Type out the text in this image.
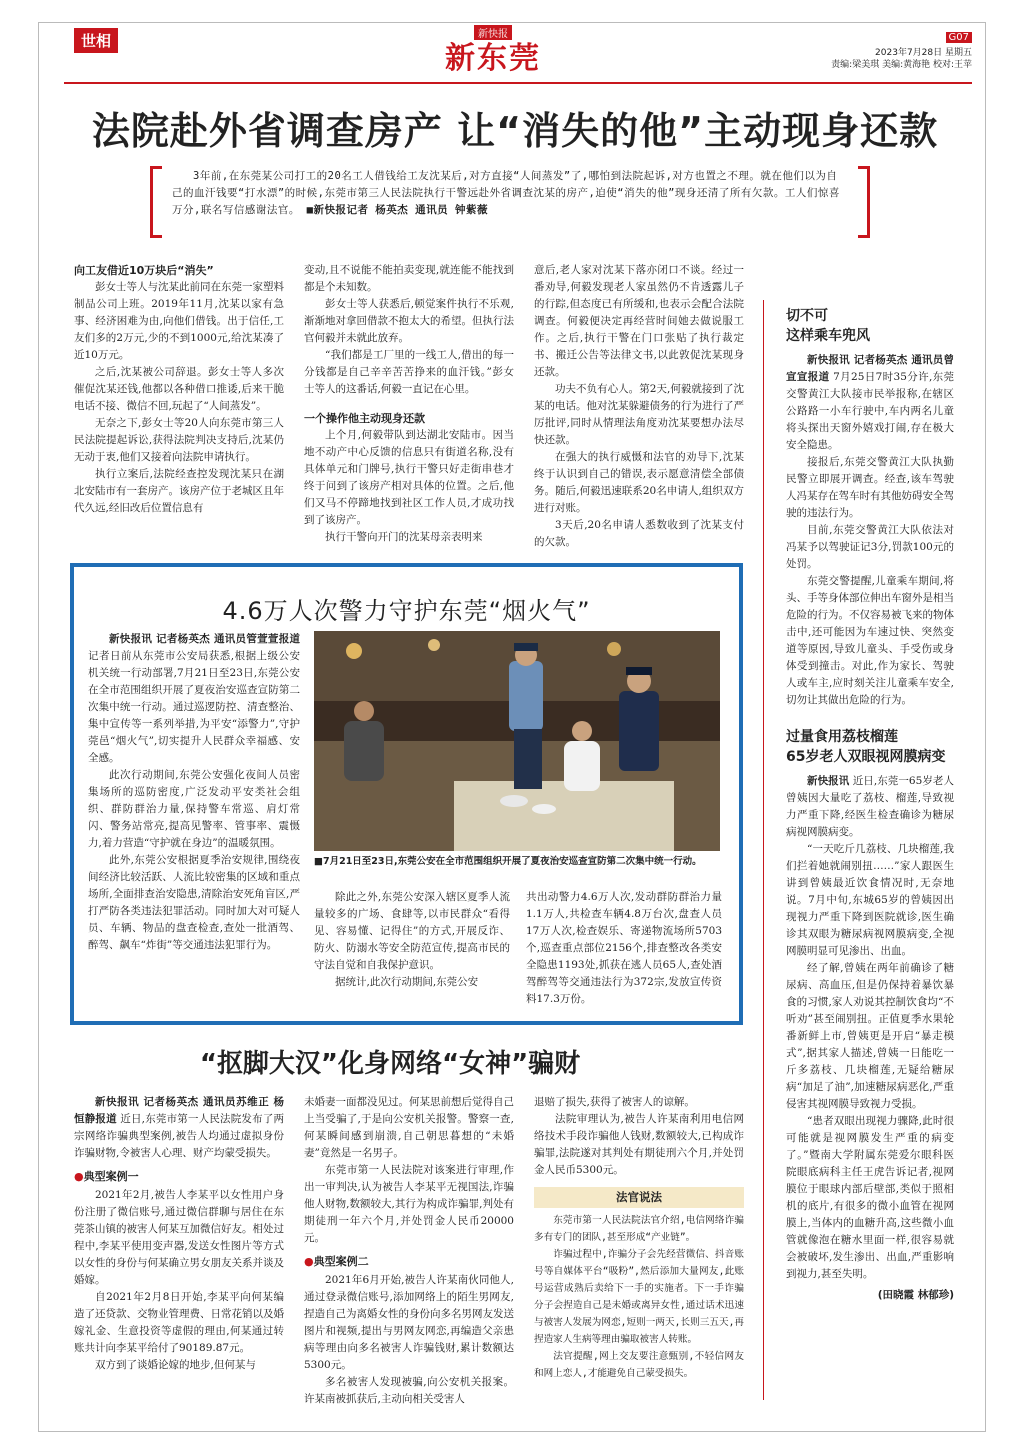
世相	新快报
新东莞
G07
2023年7月28日 星期五
责编:梁美琪 美编:黄海艳 校对:王苹
法院赴外省调查房产 让“消失的他”主动现身还款
3年前,在东莞某公司打工的20名工人借钱给工友沈某后,对方直接“人间蒸发”了,哪怕到法院起诉,对方也置之不理。就在他们以为自己的血汗钱要“打水漂”的时候,东莞市第三人民法院执行干警远赴外省调查沈某的房产,迫使“消失的他”现身还清了所有欠款。工人们惊喜万分,联名写信感谢法官。 ■新快报记者 杨英杰 通讯员 钟紫薇
向工友借近10万块后“消失”

彭女士等人与沈某此前同在东莞一家塑料制品公司上班。2019年11月,沈某以家有急事、经济困难为由,向他们借钱。出于信任,工友们多的2万元,少的不到1000元,给沈某凑了近10万元。

之后,沈某被公司辞退。彭女士等人多次催促沈某还钱,他都以各种借口推诿,后来干脆电话不接、微信不回,玩起了“人间蒸发”。

无奈之下,彭女士等20人向东莞市第三人民法院提起诉讼,获得法院判决支持后,沈某仍无动于衷,他们又接着向法院申请执行。

执行立案后,法院经查控发现沈某只在湖北安陆市有一套房产。该房产位于老城区且年代久远,经旧改后位置信息有

变动,且不说能不能拍卖变现,就连能不能找到都是个未知数。

彭女士等人获悉后,顿觉案件执行不乐观,渐渐地对拿回借款不抱太大的希望。但执行法官何毅并未就此放弃。

“我们都是工厂里的一线工人,借出的每一分钱都是自己辛辛苦苦挣来的血汗钱。”彭女士等人的这番话,何毅一直记在心里。

一个操作他主动现身还款

上个月,何毅带队到达湖北安陆市。因当地不动产中心反馈的信息只有街道名称,没有具体单元和门牌号,执行干警只好走街串巷才终于问到了该房产相对具体的位置。之后,他们又马不停蹄地找到社区工作人员,才成功找到了该房产。

执行干警向开门的沈某母亲表明来

意后,老人家对沈某下落亦闭口不谈。经过一番劝导,何毅发现老人家虽然仍不肯透露儿子的行踪,但态度已有所缓和,也表示会配合法院调查。何毅便决定再经营时间她去做说服工作。之后,执行干警在门口张贴了执行裁定书、搬迁公告等法律文书,以此敦促沈某现身还款。

功夫不负有心人。第2天,何毅就接到了沈某的电话。他对沈某躲避债务的行为进行了严厉批评,同时从情理法角度劝沈某要想办法尽快还款。

在强大的执行威慑和法官的劝导下,沈某终于认识到自己的错误,表示愿意清偿全部债务。随后,何毅迅速联系20名申请人,组织双方进行对账。

3天后,20名申请人悉数收到了沈某支付的欠款。

切不可
这样乘车兜风

新快报讯 记者杨英杰 通讯员曾宣宣报道 7月25日7时35分许,东莞交警黄江大队接市民举报称,在辖区公路路一小车行驶中,车内两名儿童将头探出天窗外嬉戏打闹,存在极大安全隐患。

接报后,东莞交警黄江大队执勤民警立即展开调查。经查,该车驾驶人冯某存在驾车时有其他妨碍安全驾驶的违法行为。

目前,东莞交警黄江大队依法对冯某予以驾驶证记3分,罚款100元的处罚。

东莞交警提醒,儿童乘车期间,将头、手等身体部位伸出车窗外是相当危险的行为。不仅容易被飞来的物体击中,还可能因为车速过快、突然变道等原因,导致儿童头、手受伤或身体受到撞击。对此,作为家长、驾驶人或车主,应时刻关注儿童乘车安全,切勿让其做出危险的行为。

过量食用荔枝榴莲
65岁老人双眼视网膜病变

新快报讯 近日,东莞一65岁老人曾姨因大量吃了荔枝、榴莲,导致视力严重下降,经医生检查确诊为糖尿病视网膜病变。

“一天吃斤几荔枝、几块榴莲,我们拦着她就闹别扭……”家人跟医生讲到曾姨最近饮食情况时,无奈地说。7月中旬,东城65岁的曾姨因出现视力严重下降到医院就诊,医生确诊其双眼为糖尿病视网膜病变,全视网膜明显可见渗出、出血。

经了解,曾姨在两年前确诊了糖尿病、高血压,但是仍保持着暴饮暴食的习惯,家人劝说其控制饮食均“不听劝”甚至闹别扭。正值夏季水果轮番新鲜上市,曾姨更是开启“暴走模式”,据其家人描述,曾姨一日能吃一斤多荔枝、几块榴莲,无疑给糖尿病“加足了油”,加速糖尿病恶化,严重侵害其视网膜导致视力受损。

“患者双眼出现视力骤降,此时很可能就是视网膜发生严重的病变了。”暨南大学附属东莞爱尔眼科医院眼底病科主任王虎告诉记者,视网膜位于眼球内部后壁部,类似于照相机的底片,有很多的微小血管在视网膜上,当体内的血糖升高,这些微小血管就像泡在糖水里面一样,很容易就会被破坏,发生渗出、出血,严重影响到视力,甚至失明。

(田晓霞 林郁珍)
4.6万人次警力守护东莞“烟火气”

新快报讯 记者杨英杰 通讯员管萱萱报道 记者日前从东莞市公安局获悉,根据上级公安机关统一行动部署,7月21日至23日,东莞公安在全市范围组织开展了夏夜治安巡查宣防第二次集中统一行动。通过巡逻防控、清查整治、集中宣传等一系列举措,为平安“添警力”,守护莞邑“烟火气”,切实提升人民群众幸福感、安全感。

此次行动期间,东莞公安强化夜间人员密集场所的巡防密度,广泛发动平安类社会组织、群防群治力量,保持警车常巡、肩灯常闪、警务站常亮,提高见警率、管事率、震慑力,着力营造“守护就在身边”的温暖氛围。

此外,东莞公安根据夏季治安规律,围绕夜间经济比较活跃、人流比较密集的区域和重点场所,全面排查治安隐患,清除治安死角盲区,严打严防各类违法犯罪活动。同时加大对可疑人员、车辆、物品的盘查检查,查处一批酒驾、醉驾、飙车“炸街”等交通违法犯罪行为。

■7月21日至23日,东莞公安在全市范围组织开展了夏夜治安巡查宣防第二次集中统一行动。

除此之外,东莞公安深入辖区夏季人流量较多的广场、食肆等,以市民群众“看得见、容易懂、记得住”的方式,开展反诈、防火、防溺水等安全防范宣传,提高市民的守法自觉和自我保护意识。

据统计,此次行动期间,东莞公安

共出动警力4.6万人次,发动群防群治力量1.1万人,共检查车辆4.8万台次,盘查人员17万人次,检查娱乐、寄递物流场所5703个,巡查重点部位2156个,排查整改各类安全隐患1193处,抓获在逃人员65人,查处酒驾醉驾等交通违法行为372宗,发放宣传资料17.3万份。

“抠脚大汉”化身网络“女神”骗财

新快报讯 记者杨英杰 通讯员苏维正 杨恒静报道 近日,东莞市第一人民法院发布了两宗网络诈骗典型案例,被告人均通过虚拟身份诈骗财物,令被害人心理、财产均蒙受损失。

●典型案例一

2021年2月,被告人李某平以女性用户身份注册了微信账号,通过微信群聊与居住在东莞茶山镇的被害人何某互加微信好友。相处过程中,李某平使用变声器,发送女性图片等方式以女性的身份与何某确立男女朋友关系并谈及婚嫁。

自2021年2月8日开始,李某平向何某编造了还贷款、交物业管理费、日常花销以及婚嫁礼金、生意投资等虚假的理由,何某通过转账共计向李某平给付了90189.87元。

双方到了谈婚论嫁的地步,但何某与

未婚妻一面都没见过。何某思前想后觉得自己上当受骗了,于是向公安机关报警。警察一查,何某瞬间感到崩溃,自己朝思暮想的“未婚妻”竟然是一名男子。

东莞市第一人民法院对该案进行审理,作出一审判决,认为被告人李某平无视国法,诈骗他人财物,数额较大,其行为构成诈骗罪,判处有期徒刑一年六个月,并处罚金人民币20000元。

●典型案例二

2021年6月开始,被告人许某南伙同他人,通过登录微信账号,添加网络上的陌生男网友,捏造自己为离婚女性的身份向多名男网友发送图片和视频,提出与男网友网恋,再编造父亲患病等理由向多名被害人诈骗钱财,累计数额达5300元。

多名被害人发现被骗,向公安机关报案。许某南被抓获后,主动向相关受害人

退赔了损失,获得了被害人的谅解。

法院审理认为,被告人许某南利用电信网络技术手段诈骗他人钱财,数额较大,已构成诈骗罪,法院遂对其判处有期徒刑六个月,并处罚金人民币5300元。

法官说法

东莞市第一人民法院法官介绍,电信网络诈骗多有专门的团队,甚至形成“产业链”。

诈骗过程中,诈骗分子会先经营微信、抖音账号等自媒体平台“吸粉”,然后添加大量网友,此账号运营成熟后卖给下一手的实施者。下一手诈骗分子会捏造自己是未婚或离异女性,通过话术迅速与被害人发展为网恋,短则一两天,长则三五天,再捏造家人生病等理由骗取被害人转账。

法官提醒,网上交友要注意甄别,不轻信网友和网上恋人,才能避免自己蒙受损失。
